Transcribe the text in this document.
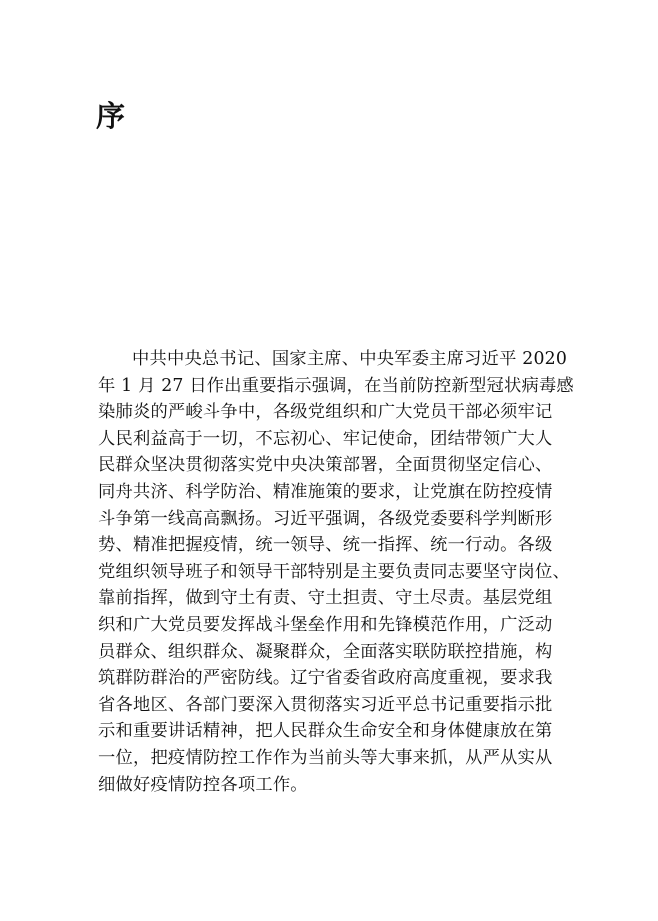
序
中共中央总书记、国家主席、中央军委主席习近平 2020
年 1 月 27 日作出重要指示强调，在当前防控新型冠状病毒感
染肺炎的严峻斗争中，各级党组织和广大党员干部必须牢记
人民利益高于一切，不忘初心、牢记使命，团结带领广大人
民群众坚决贯彻落实党中央决策部署，全面贯彻坚定信心、
同舟共济、科学防治、精准施策的要求，让党旗在防控疫情
斗争第一线高高飘扬。习近平强调，各级党委要科学判断形
势、精准把握疫情，统一领导、统一指挥、统一行动。各级
党组织领导班子和领导干部特别是主要负责同志要坚守岗位、
靠前指挥，做到守土有责、守土担责、守土尽责。基层党组
织和广大党员要发挥战斗堡垒作用和先锋模范作用，广泛动
员群众、组织群众、凝聚群众，全面落实联防联控措施，构
筑群防群治的严密防线。辽宁省委省政府高度重视，要求我
省各地区、各部门要深入贯彻落实习近平总书记重要指示批
示和重要讲话精神，把人民群众生命安全和身体健康放在第
一位，把疫情防控工作作为当前头等大事来抓，从严从实从
细做好疫情防控各项工作。
